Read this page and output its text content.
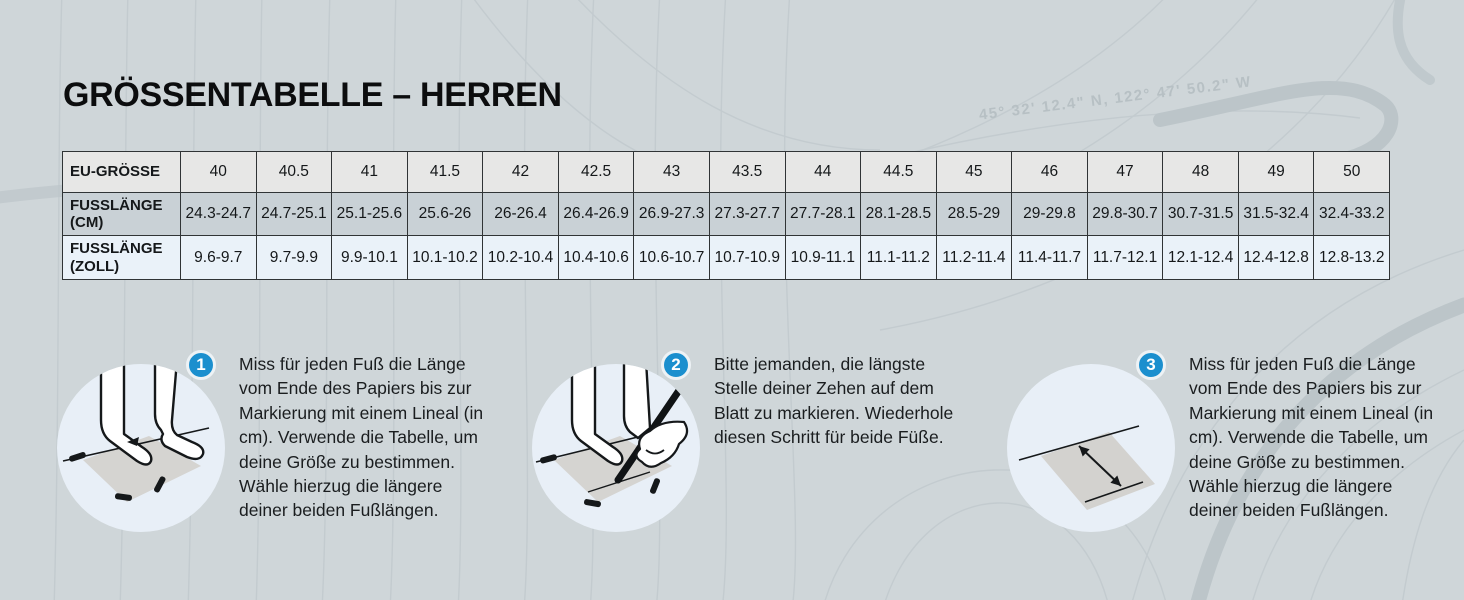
45° 32' 12.4" N, 122° 47' 50.2" W
GRÖSSENTABELLE – HERREN
EU-GRÖSSE	40	40.5	41	41.5	42	42.5	43	43.5	44	44.5	45	46	47	48	49	50
FUSSLÄNGE (CM)	24.3-24.7	24.7-25.1	25.1-25.6	25.6-26	26-26.4	26.4-26.9	26.9-27.3	27.3-27.7	27.7-28.1	28.1-28.5	28.5-29	29-29.8	29.8-30.7	30.7-31.5	31.5-32.4	32.4-33.2
FUSSLÄNGE (ZOLL)	9.6-9.7	9.7-9.9	9.9-10.1	10.1-10.2	10.2-10.4	10.4-10.6	10.6-10.7	10.7-10.9	10.9-11.1	11.1-11.2	11.2-11.4	11.4-11.7	11.7-12.1	12.1-12.4	12.4-12.8	12.8-13.2
1	Miss für jeden Fuß die Länge vom Ende des Papiers bis zur Markierung mit einem Lineal (in cm). Verwende die Tabelle, um deine Größe zu bestimmen. Wähle hierzug die längere deiner beiden Fußlängen.

2	Bitte jemanden, die längste Stelle deiner Zehen auf dem Blatt zu markieren. Wiederhole diesen Schritt für beide Füße.

3	Miss für jeden Fuß die Länge vom Ende des Papiers bis zur Markierung mit einem Lineal (in cm). Verwende die Tabelle, um deine Größe zu bestimmen. Wähle hierzug die längere deiner beiden Fußlängen.
